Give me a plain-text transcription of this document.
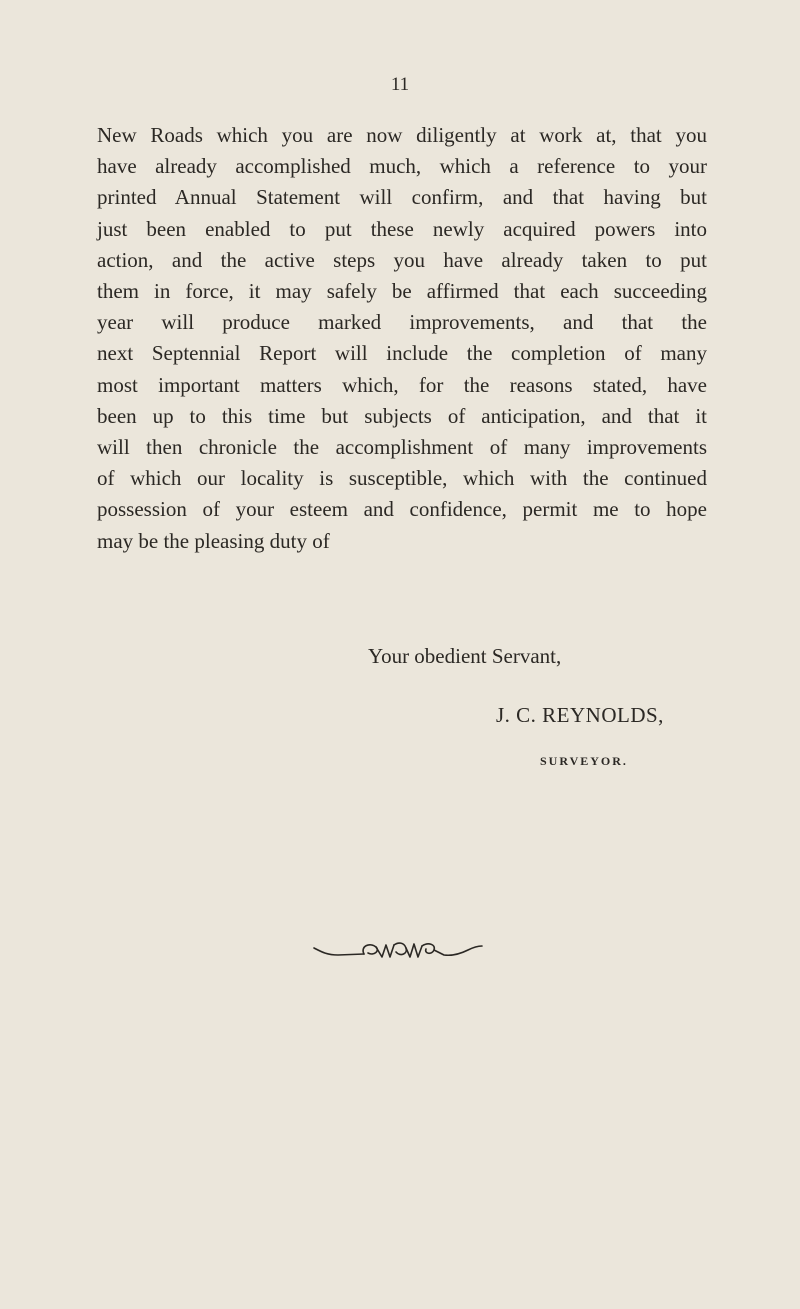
11

New Roads which you are now diligently at work at, that you
have already accomplished much, which a reference to your
printed Annual Statement will confirm, and that having but
just been enabled to put these newly acquired powers into
action, and the active steps you have already taken to put
them in force, it may safely be affirmed that each succeeding
year will produce marked improvements, and that the
next Septennial Report will include the completion of many
most important matters which, for the reasons stated, have
been up to this time but subjects of anticipation, and that it
will then chronicle the accomplishment of many improvements
of which our locality is susceptible, which with the continued
possession of your esteem and confidence, permit me to hope
may be the pleasing duty of

Your obedient Servant,
J. C. REYNOLDS,
SURVEYOR.
